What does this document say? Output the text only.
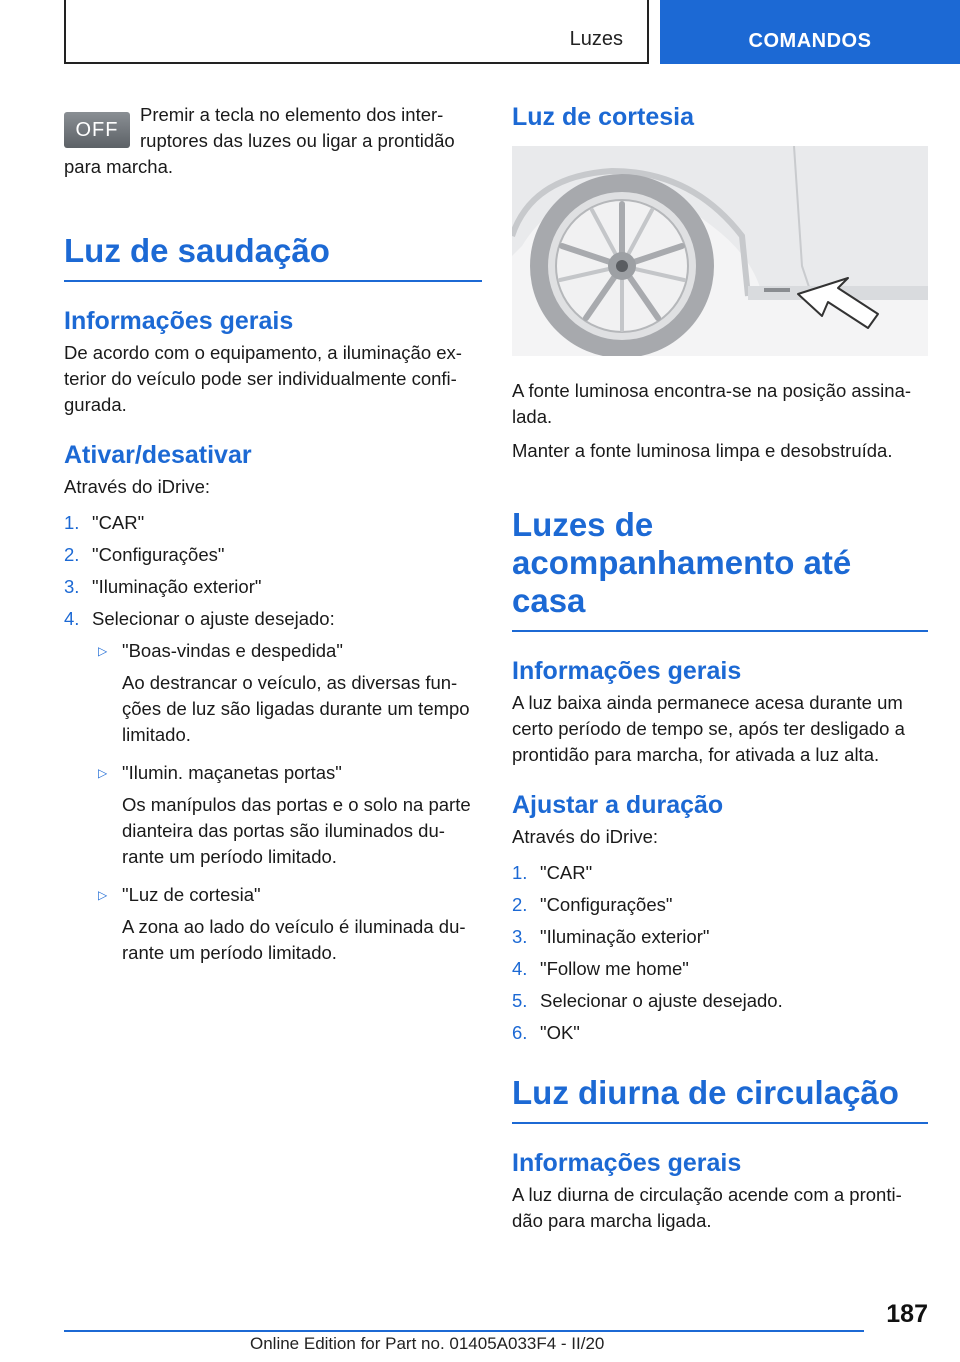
Luzes	COMANDOS
OFF

Premir a tecla no elemento dos inter‐
ruptores das luzes ou ligar a prontidão
para marcha.

Luz de saudação
Informações gerais

De acordo com o equipamento, a iluminação ex‐terior do veículo pode ser individualmente confi‐gurada.

Ativar/desativar

Através do iDrive:

1. "CAR"
2. "Configurações"
3. "Iluminação exterior"
4. Selecionar o ajuste desejado:
▷ "Boas-vindas e despedida"
Ao destrancar o veículo, as diversas fun‐ções de luz são ligadas durante um tempo limitado.
▷ "Ilumin. maçanetas portas"
Os manípulos das portas e o solo na parte dianteira das portas são iluminados du‐rante um período limitado.
▷ "Luz de cortesia"
A zona ao lado do veículo é iluminada du‐rante um período limitado.
Luz de cortesia

A fonte luminosa encontra-se na posição assina‐lada.

Manter a fonte luminosa limpa e desobstruída.

Luzes de acompanhamento até casa
Informações gerais

A luz baixa ainda permanece acesa durante um certo período de tempo se, após ter desligado a prontidão para marcha, for ativada a luz alta.

Ajustar a duração

Através do iDrive:

1. "CAR"
2. "Configurações"
3. "Iluminação exterior"
4. "Follow me home"
5. Selecionar o ajuste desejado.
6. "OK"
Luz diurna de circulação
Informações gerais

A luz diurna de circulação acende com a pronti‐dão para marcha ligada.

187
Online Edition for Part no. 01405A033F4 - II/20
